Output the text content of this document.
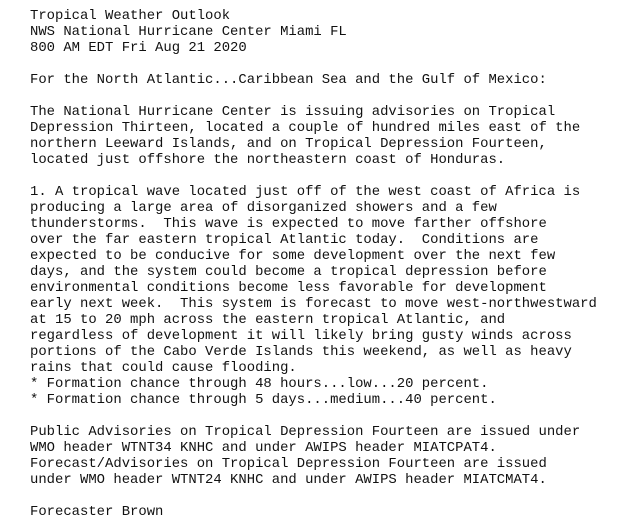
Tropical Weather Outlook
NWS National Hurricane Center Miami FL
800 AM EDT Fri Aug 21 2020
For the North Atlantic...Caribbean Sea and the Gulf of Mexico:
The National Hurricane Center is issuing advisories on Tropical
Depression Thirteen, located a couple of hundred miles east of the
northern Leeward Islands, and on Tropical Depression Fourteen,
located just offshore the northeastern coast of Honduras.
1. A tropical wave located just off of the west coast of Africa is
producing a large area of disorganized showers and a few
thunderstorms.  This wave is expected to move farther offshore
over the far eastern tropical Atlantic today.  Conditions are
expected to be conducive for some development over the next few
days, and the system could become a tropical depression before
environmental conditions become less favorable for development
early next week.  This system is forecast to move west-northwestward
at 15 to 20 mph across the eastern tropical Atlantic, and
regardless of development it will likely bring gusty winds across
portions of the Cabo Verde Islands this weekend, as well as heavy
rains that could cause flooding.
* Formation chance through 48 hours...low...20 percent.
* Formation chance through 5 days...medium...40 percent.
Public Advisories on Tropical Depression Fourteen are issued under
WMO header WTNT34 KNHC and under AWIPS header MIATCPAT4.
Forecast/Advisories on Tropical Depression Fourteen are issued
under WMO header WTNT24 KNHC and under AWIPS header MIATCMAT4.
Forecaster Brown
